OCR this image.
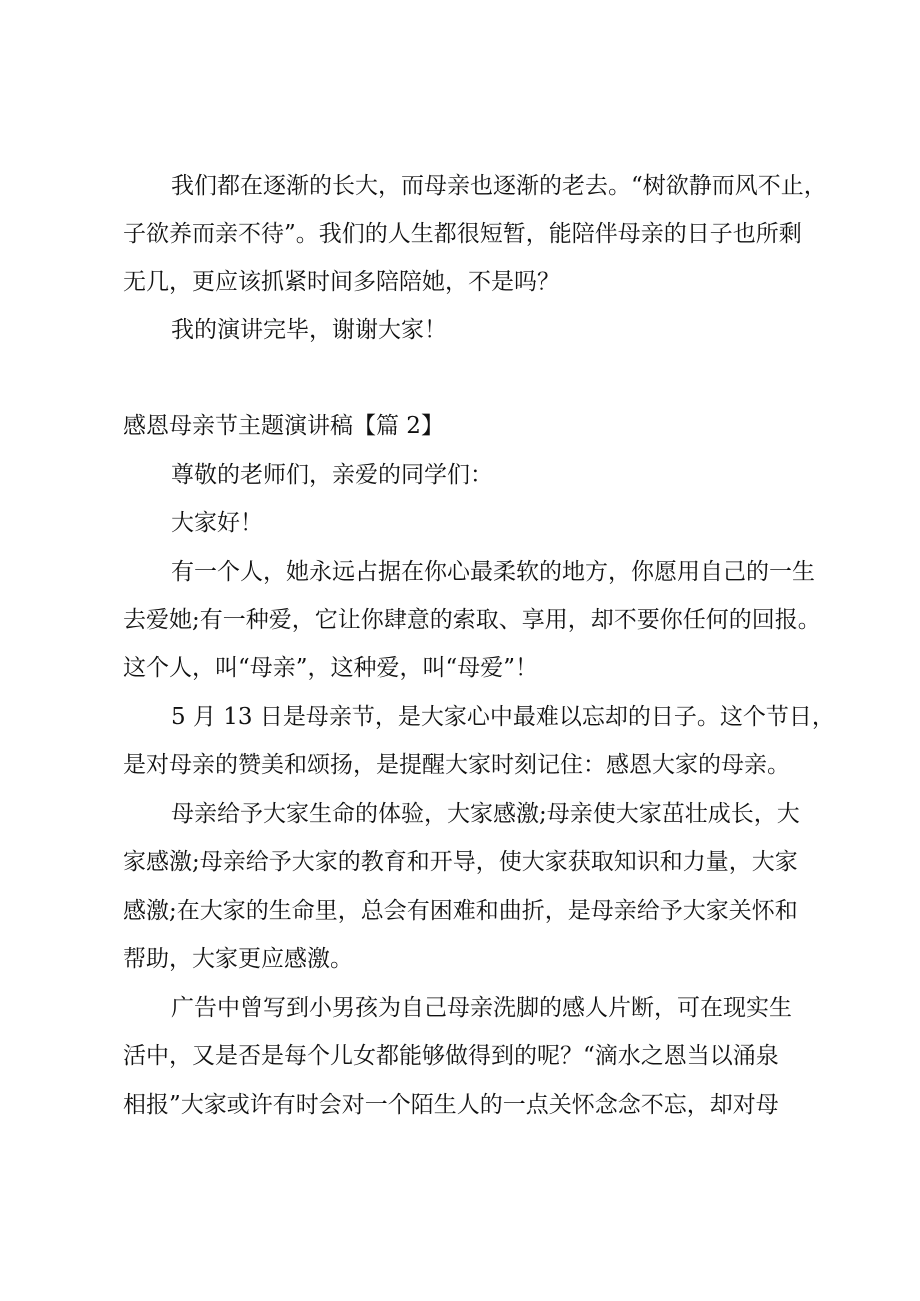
我们都在逐渐的长大，而母亲也逐渐的老去。“树欲静而风不止，
子欲养而亲不待”。我们的人生都很短暂，能陪伴母亲的日子也所剩
无几，更应该抓紧时间多陪陪她，不是吗？
我的演讲完毕，谢谢大家！
感恩母亲节主题演讲稿【篇 2】
尊敬的老师们，亲爱的同学们：
大家好！
有一个人，她永远占据在你心最柔软的地方，你愿用自己的一生
去爱她;有一种爱，它让你肆意的索取、享用，却不要你任何的回报。
这个人，叫“母亲”，这种爱，叫“母爱”！
5 月 13 日是母亲节，是大家心中最难以忘却的日子。这个节日，
是对母亲的赞美和颂扬，是提醒大家时刻记住：感恩大家的母亲。
母亲给予大家生命的体验，大家感激;母亲使大家茁壮成长，大
家感激;母亲给予大家的教育和开导，使大家获取知识和力量，大家
感激;在大家的生命里，总会有困难和曲折，是母亲给予大家关怀和
帮助，大家更应感激。
广告中曾写到小男孩为自己母亲洗脚的感人片断，可在现实生
活中，又是否是每个儿女都能够做得到的呢？“滴水之恩当以涌泉
相报”大家或许有时会对一个陌生人的一点关怀念念不忘，却对母
